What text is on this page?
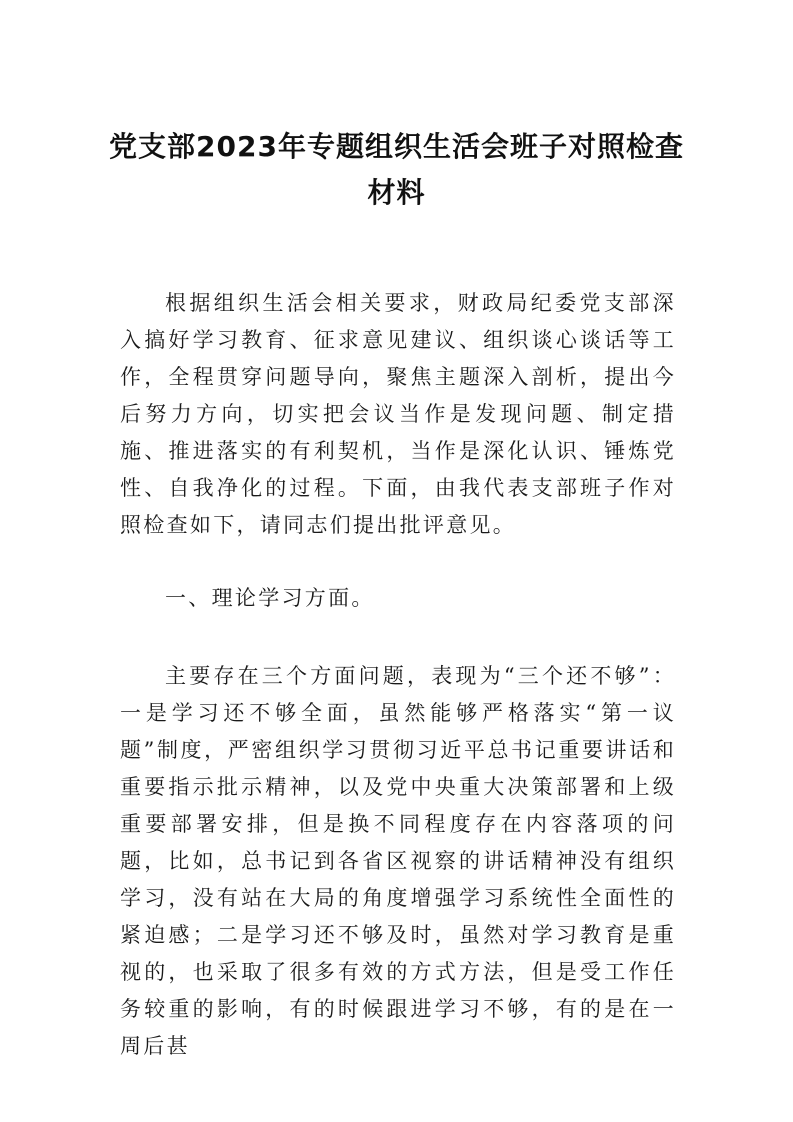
党支部2023年专题组织生活会班子对照检查材料
根据组织生活会相关要求，财政局纪委党支部深入搞好学习教育、征求意见建议、组织谈心谈话等工作，全程贯穿问题导向，聚焦主题深入剖析，提出今后努力方向，切实把会议当作是发现问题、制定措施、推进落实的有利契机，当作是深化认识、锤炼党性、自我净化的过程。下面，由我代表支部班子作对照检查如下，请同志们提出批评意见。
一、理论学习方面。
主要存在三个方面问题，表现为“三个还不够”：一是学习还不够全面，虽然能够严格落实“第一议题”制度，严密组织学习贯彻习近平总书记重要讲话和重要指示批示精神，以及党中央重大决策部署和上级重要部署安排，但是换不同程度存在内容落项的问题，比如，总书记到各省区视察的讲话精神没有组织学习，没有站在大局的角度增强学习系统性全面性的紧迫感；二是学习还不够及时，虽然对学习教育是重视的，也采取了很多有效的方式方法，但是受工作任务较重的影响，有的时候跟进学习不够，有的是在一周后甚
